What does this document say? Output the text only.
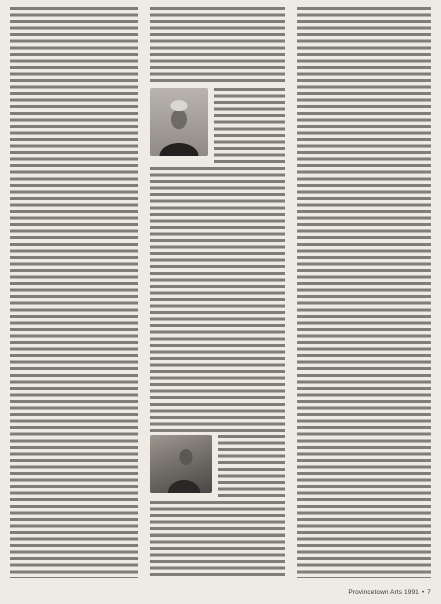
Provincetown Arts 1991 • 7
